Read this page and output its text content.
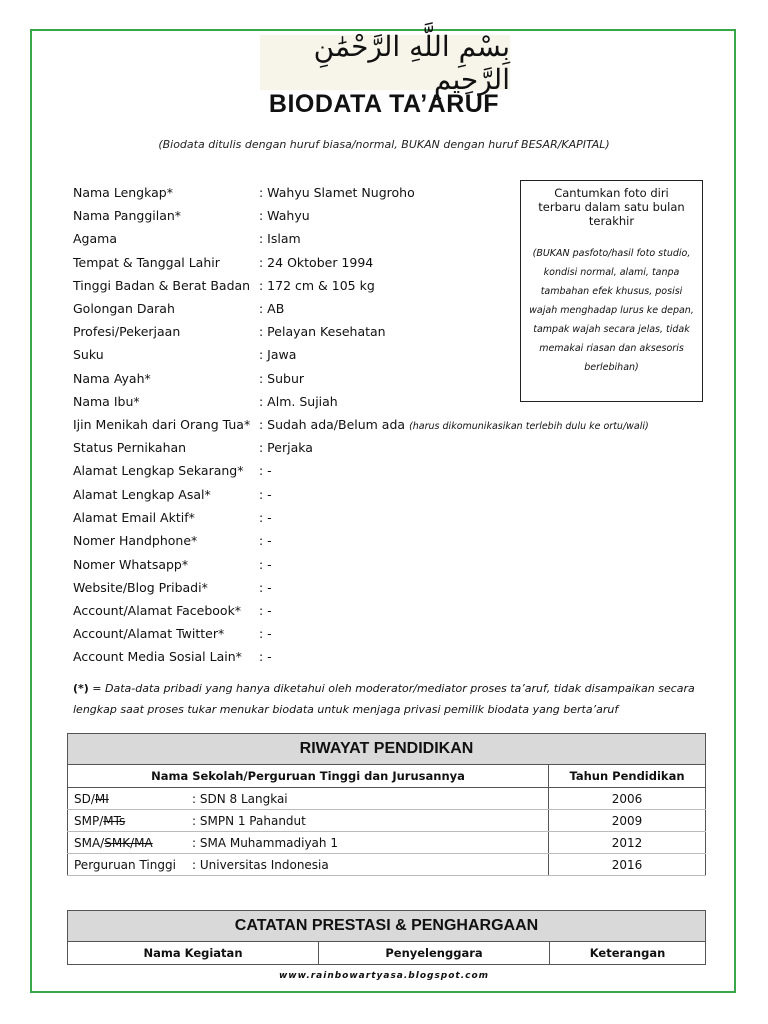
بِسْمِ اللَّهِ الرَّحْمَٰنِ الرَّحِيمِ
BIODATA TA’ARUF
(Biodata ditulis dengan huruf biasa/normal, BUKAN dengan huruf BESAR/KAPITAL)
Nama Lengkap*	: Wahyu Slamet Nugroho
Nama Panggilan*	: Wahyu
Agama	: Islam
Tempat & Tanggal Lahir	: 24 Oktober 1994
Tinggi Badan & Berat Badan : 172 cm & 105 kg
Golongan Darah	: AB
Profesi/Pekerjaan	: Pelayan Kesehatan
Suku	: Jawa
Nama Ayah*	: Subur
Nama Ibu*	: Alm. Sujiah
Ijin Menikah dari Orang Tua* : Sudah ada/Belum ada (harus dikomunikasikan terlebih dulu ke ortu/wali)
Status Pernikahan	: Perjaka
Alamat Lengkap Sekarang* : -
Alamat Lengkap Asal*	: -
Alamat Email Aktif*	: -
Nomer Handphone*	: -
Nomer Whatsapp*	: -
Website/Blog Pribadi*	: -
Account/Alamat Facebook* : -
Account/Alamat Twitter*	: -
Account Media Sosial Lain* : -
Cantumkan foto diri terbaru dalam satu bulan terakhir
(BUKAN pasfoto/hasil foto studio, kondisi normal, alami, tanpa tambahan efek khusus, posisi wajah menghadap lurus ke depan, tampak wajah secara jelas, tidak memakai riasan dan aksesoris berlebihan)
(*) = Data-data pribadi yang hanya diketahui oleh moderator/mediator proses ta’aruf, tidak disampaikan secara lengkap saat proses tukar menukar biodata untuk menjaga privasi pemilik biodata yang berta’aruf
RIWAYAT PENDIDIKAN	
Nama Sekolah/Perguruan Tinggi dan Jurusannya	Tahun Pendidikan
SD/MI : SDN 8 Langkai	2006
SMP/MTs : SMPN 1 Pahandut	2009
SMA/SMK/MA : SMA Muhammadiyah 1	2012
Perguruan Tinggi : Universitas Indonesia	2016
CATATAN PRESTASI & PENGHARGAAN
Nama Kegiatan	Penyelenggara	Keterangan
www.rainbowartyasa.blogspot.com
